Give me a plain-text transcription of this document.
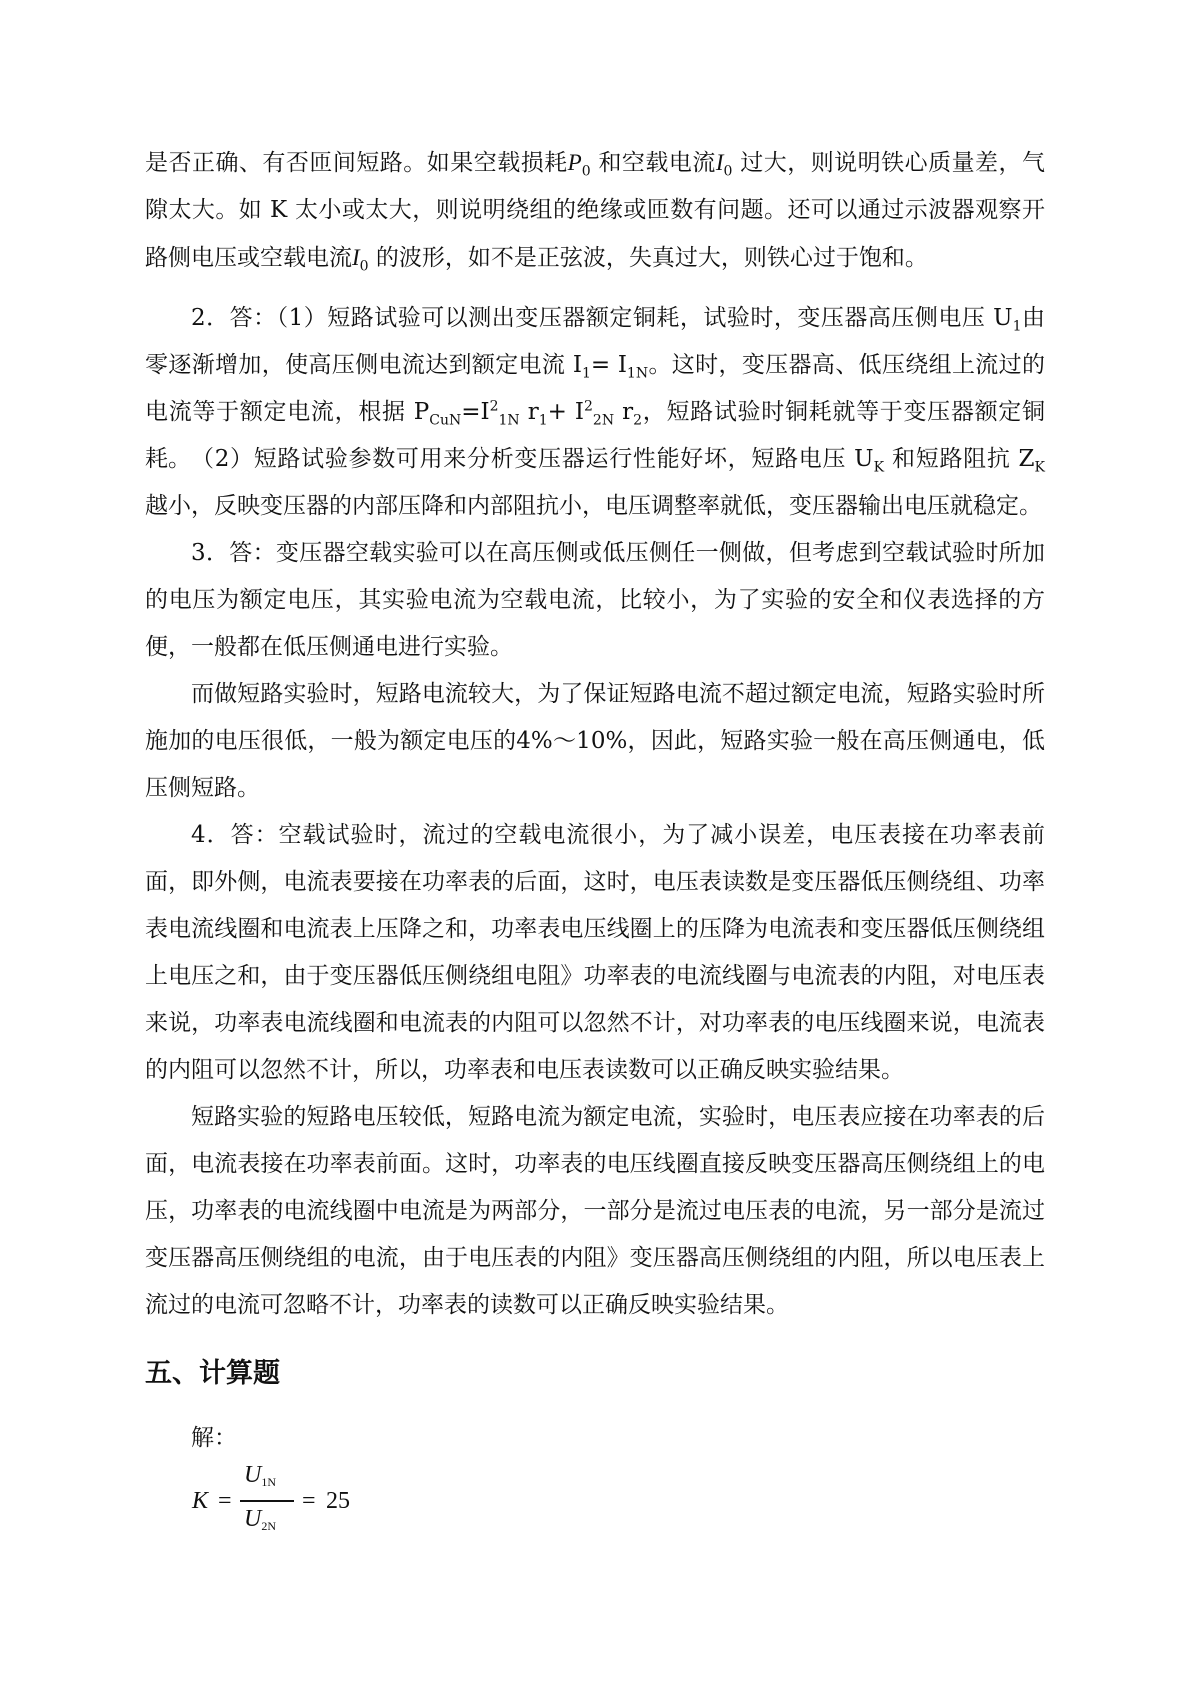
是否正确、有否匝间短路。如果空载损耗$P_0$ 和空载电流$I_0$ 过大，则说明铁心质量差，气隙太大。如 K 太小或太大，则说明绕组的绝缘或匝数有问题。还可以通过示波器观察开路侧电压或空载电流$I_0$ 的波形，如不是正弦波，失真过大，则铁心过于饱和。

2．答：（1）短路试验可以测出变压器额定铜耗，试验时，变压器高压侧电压 $U_1$由零逐渐增加，使高压侧电流达到额定电流 $I_1= I_{1N}$。这时，变压器高、低压绕组上流过的电流等于额定电流，根据 $P_{CuN}=I^2_{1N}$ $r_1+ I^2_{2N}$ $r_2$，短路试验时铜耗就等于变压器额定铜耗。 （2）短路试验参数可用来分析变压器运行性能好坏，短路电压 $U_K$ 和短路阻抗 $Z_K$ 越小，反映变压器的内部压降和内部阻抗小，电压调整率就低，变压器输出电压就稳定。

3．答：变压器空载实验可以在高压侧或低压侧任一侧做，但考虑到空载试验时所加的电压为额定电压，其实验电流为空载电流，比较小，为了实验的安全和仪表选择的方便，一般都在低压侧通电进行实验。

而做短路实验时，短路电流较大，为了保证短路电流不超过额定电流，短路实验时所施加的电压很低，一般为额定电压的4%～10%，因此，短路实验一般在高压侧通电，低压侧短路。

4．答：空载试验时，流过的空载电流很小，为了减小误差，电压表接在功率表前面，即外侧，电流表要接在功率表的后面，这时，电压表读数是变压器低压侧绕组、功率表电流线圈和电流表上压降之和，功率表电压线圈上的压降为电流表和变压器低压侧绕组上电压之和，由于变压器低压侧绕组电阻》功率表的电流线圈与电流表的内阻，对电压表来说，功率表电流线圈和电流表的内阻可以忽然不计，对功率表的电压线圈来说，电流表的内阻可以忽然不计，所以，功率表和电压表读数可以正确反映实验结果。

短路实验的短路电压较低，短路电流为额定电流，实验时，电压表应接在功率表的后面，电流表接在功率表前面。这时，功率表的电压线圈直接反映变压器高压侧绕组上的电压，功率表的电流线圈中电流是为两部分，一部分是流过电压表的电流，另一部分是流过变压器高压侧绕组的电流，由于电压表的内阻》变压器高压侧绕组的内阻，所以电压表上流过的电流可忽略不计，功率表的读数可以正确反映实验结果。

五、计算题

解：

K =
U1N
U2N
= 25
